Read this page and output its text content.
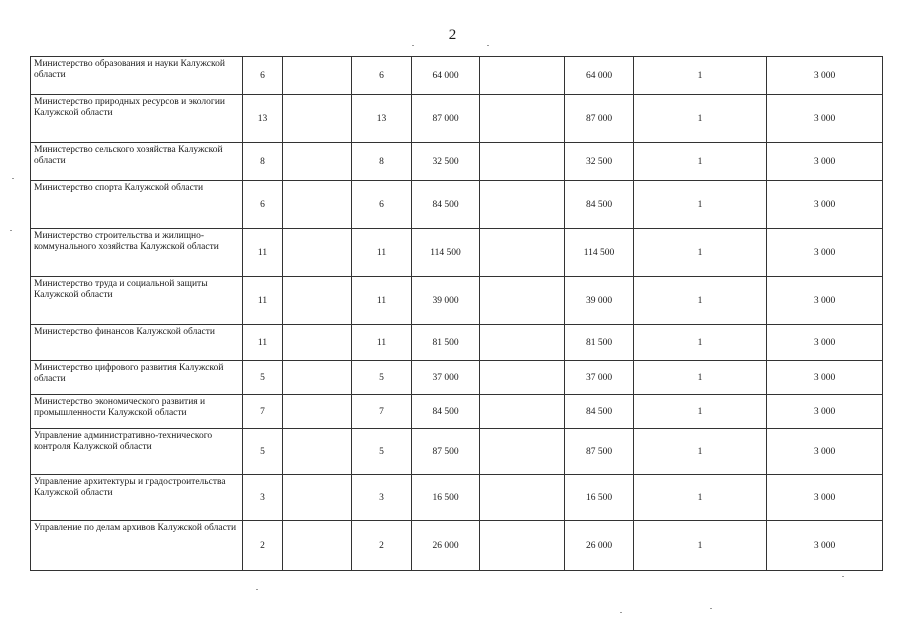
2
Министерство образования и науки Калужской области	6		6	64 000		64 000	1	3 000
Министерство природных ресурсов и экологии Калужской области	13		13	87 000		87 000	1	3 000
Министерство сельского хозяйства Калужской области	8		8	32 500		32 500	1	3 000
Министерство спорта Калужской области	6		6	84 500		84 500	1	3 000
Министерство строительства и жилищно-коммунального хозяйства Калужской области	11		11	114 500		114 500	1	3 000
Министерство труда и социальной защиты Калужской области	11		11	39 000		39 000	1	3 000
Министерство финансов Калужской области	11		11	81 500		81 500	1	3 000
Министерство цифрового развития Калужской области	5		5	37 000		37 000	1	3 000
Министерство экономического развития и промышленности Калужской области	7		7	84 500		84 500	1	3 000
Управление административно-технического контроля Калужской области	5		5	87 500		87 500	1	3 000
Управление архитектуры и градостроительства Калужской области	3		3	16 500		16 500	1	3 000
Управление по делам архивов Калужской области	2		2	26 000		26 000	1	3 000
